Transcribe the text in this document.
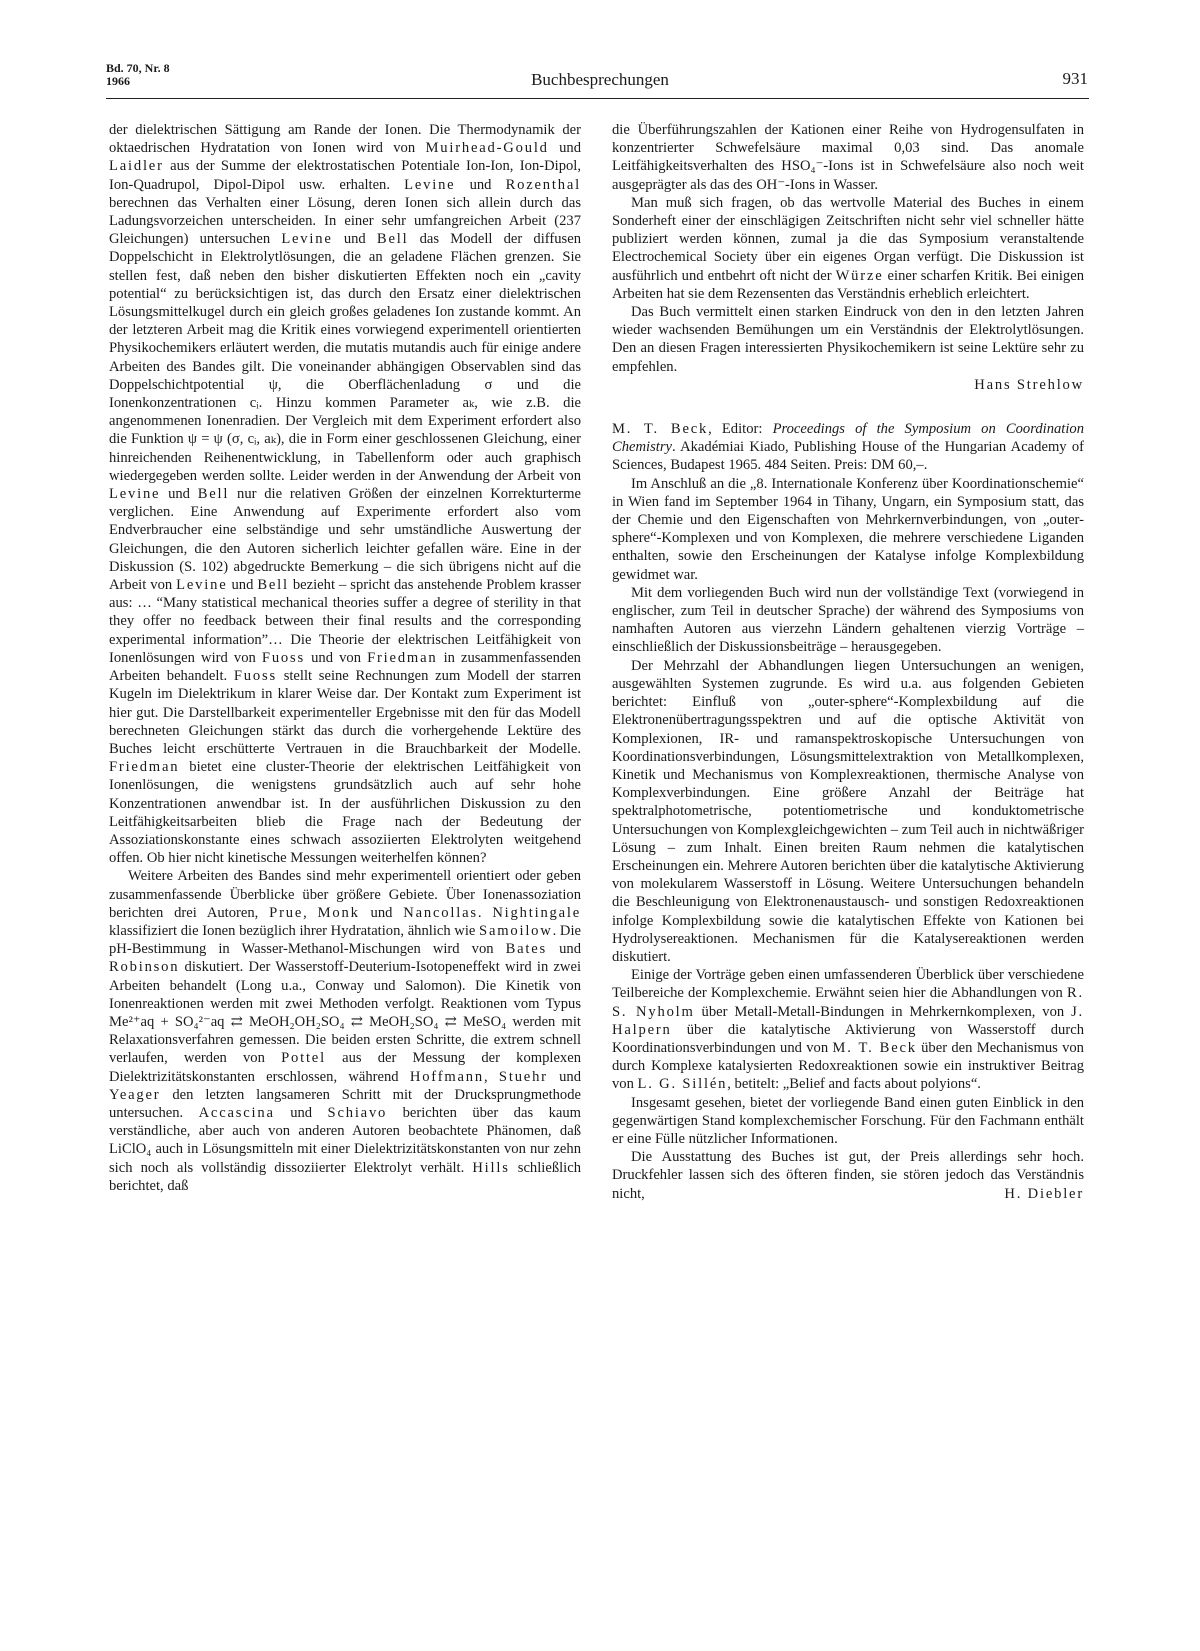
Bd. 70, Nr. 8
1966	Buchbesprechungen	931

der dielektrischen Sättigung am Rande der Ionen. Die Thermodynamik der oktaedrischen Hydratation von Ionen wird von Muirhead-Gould und Laidler aus der Summe der elektrostatischen Potentiale Ion-Ion, Ion-Dipol, Ion-Quadrupol, Dipol-Dipol usw. erhalten. Levine und Rozenthal berechnen das Verhalten einer Lösung, deren Ionen sich allein durch das Ladungsvorzeichen unterscheiden. In einer sehr umfangreichen Arbeit (237 Gleichungen) untersuchen Levine und Bell das Modell der diffusen Doppelschicht in Elektrolytlösungen, die an geladene Flächen grenzen. Sie stellen fest, daß neben den bisher diskutierten Effekten noch ein „cavity potential“ zu berücksichtigen ist, das durch den Ersatz einer dielektrischen Lösungsmittelkugel durch ein gleich großes geladenes Ion zustande kommt. An der letzteren Arbeit mag die Kritik eines vorwiegend experimentell orientierten Physikochemikers erläutert werden, die mutatis mutandis auch für einige andere Arbeiten des Bandes gilt. Die voneinander abhängigen Observablen sind das Doppelschichtpotential ψ, die Oberflächenladung σ und die Ionenkonzentrationen cᵢ. Hinzu kommen Parameter aₖ, wie z.B. die angenommenen Ionenradien. Der Vergleich mit dem Experiment erfordert also die Funktion ψ = ψ (σ, cᵢ, aₖ), die in Form einer geschlossenen Gleichung, einer hinreichenden Reihenentwicklung, in Tabellenform oder auch graphisch wiedergegeben werden sollte. Leider werden in der Anwendung der Arbeit von Levine und Bell nur die relativen Größen der einzelnen Korrekturterme verglichen. Eine Anwendung auf Experimente erfordert also vom Endverbraucher eine selbständige und sehr umständliche Auswertung der Gleichungen, die den Autoren sicherlich leichter gefallen wäre. Eine in der Diskussion (S. 102) abgedruckte Bemerkung – die sich übrigens nicht auf die Arbeit von Levine und Bell bezieht – spricht das anstehende Problem krasser aus: … “Many statistical mechanical theories suffer a degree of sterility in that they offer no feedback between their final results and the corresponding experimental information”… Die Theorie der elektrischen Leitfähigkeit von Ionenlösungen wird von Fuoss und von Friedman in zusammenfassenden Arbeiten behandelt. Fuoss stellt seine Rechnungen zum Modell der starren Kugeln im Dielektrikum in klarer Weise dar. Der Kontakt zum Experiment ist hier gut. Die Darstellbarkeit experimenteller Ergebnisse mit den für das Modell berechneten Gleichungen stärkt das durch die vorhergehende Lektüre des Buches leicht erschütterte Vertrauen in die Brauchbarkeit der Modelle. Friedman bietet eine cluster-Theorie der elektrischen Leitfähigkeit von Ionenlösungen, die wenigstens grundsätzlich auch auf sehr hohe Konzentrationen anwendbar ist. In der ausführlichen Diskussion zu den Leitfähigkeitsarbeiten blieb die Frage nach der Bedeutung der Assoziationskonstante eines schwach assoziierten Elektrolyten weitgehend offen. Ob hier nicht kinetische Messungen weiterhelfen können?

Weitere Arbeiten des Bandes sind mehr experimentell orientiert oder geben zusammenfassende Überblicke über größere Gebiete. Über Ionenassoziation berichten drei Autoren, Prue, Monk und Nancollas. Nightingale klassifiziert die Ionen bezüglich ihrer Hydratation, ähnlich wie Samoilow. Die pH-Bestimmung in Wasser-Methanol-Mischungen wird von Bates und Robinson diskutiert. Der Wasserstoff-Deuterium-Isotopeneffekt wird in zwei Arbeiten behandelt (Long u.a., Conway und Salomon). Die Kinetik von Ionenreaktionen werden mit zwei Methoden verfolgt. Reaktionen vom Typus Me²⁺aq + SO₄²⁻aq ⇄ MeOH₂OH₂SO₄ ⇄ MeOH₂SO₄ ⇄ MeSO₄ werden mit Relaxationsverfahren gemessen. Die beiden ersten Schritte, die extrem schnell verlaufen, werden von Pottel aus der Messung der komplexen Dielektrizitätskonstanten erschlossen, während Hoffmann, Stuehr und Yeager den letzten langsameren Schritt mit der Drucksprungmethode untersuchen. Accascina und Schiavo berichten über das kaum verständliche, aber auch von anderen Autoren beobachtete Phänomen, daß LiClO₄ auch in Lösungsmitteln mit einer Dielektrizitätskonstanten von nur zehn sich noch als vollständig dissoziierter Elektrolyt verhält. Hills schließlich berichtet, daß

die Überführungszahlen der Kationen einer Reihe von Hydrogensulfaten in konzentrierter Schwefelsäure maximal 0,03 sind. Das anomale Leitfähigkeitsverhalten des HSO₄⁻-Ions ist in Schwefelsäure also noch weit ausgeprägter als das des OH⁻-Ions in Wasser.

Man muß sich fragen, ob das wertvolle Material des Buches in einem Sonderheft einer der einschlägigen Zeitschriften nicht sehr viel schneller hätte publiziert werden können, zumal ja die das Symposium veranstaltende Electrochemical Society über ein eigenes Organ verfügt. Die Diskussion ist ausführlich und entbehrt oft nicht der Würze einer scharfen Kritik. Bei einigen Arbeiten hat sie dem Rezensenten das Verständnis erheblich erleichtert.

Das Buch vermittelt einen starken Eindruck von den in den letzten Jahren wieder wachsenden Bemühungen um ein Verständnis der Elektrolytlösungen. Den an diesen Fragen interessierten Physikochemikern ist seine Lektüre sehr zu empfehlen.

Hans Strehlow

M. T. Beck, Editor: Proceedings of the Symposium on Coordination Chemistry. Akadémiai Kiado, Publishing House of the Hungarian Academy of Sciences, Budapest 1965. 484 Seiten. Preis: DM 60,–.

Im Anschluß an die „8. Internationale Konferenz über Koordinationschemie“ in Wien fand im September 1964 in Tihany, Ungarn, ein Symposium statt, das der Chemie und den Eigenschaften von Mehrkernverbindungen, von „outer-sphere“-Komplexen und von Komplexen, die mehrere verschiedene Liganden enthalten, sowie den Erscheinungen der Katalyse infolge Komplexbildung gewidmet war.

Mit dem vorliegenden Buch wird nun der vollständige Text (vorwiegend in englischer, zum Teil in deutscher Sprache) der während des Symposiums von namhaften Autoren aus vierzehn Ländern gehaltenen vierzig Vorträge – einschließlich der Diskussionsbeiträge – herausgegeben.

Der Mehrzahl der Abhandlungen liegen Untersuchungen an wenigen, ausgewählten Systemen zugrunde. Es wird u.a. aus folgenden Gebieten berichtet: Einfluß von „outer-sphere“-Komplexbildung auf die Elektronenübertragungsspektren und auf die optische Aktivität von Komplexionen, IR- und ramanspektroskopische Untersuchungen von Koordinationsverbindungen, Lösungsmittelextraktion von Metallkomplexen, Kinetik und Mechanismus von Komplexreaktionen, thermische Analyse von Komplexverbindungen. Eine größere Anzahl der Beiträge hat spektralphotometrische, potentiometrische und konduktometrische Untersuchungen von Komplexgleichgewichten – zum Teil auch in nichtwäßriger Lösung – zum Inhalt. Einen breiten Raum nehmen die katalytischen Erscheinungen ein. Mehrere Autoren berichten über die katalytische Aktivierung von molekularem Wasserstoff in Lösung. Weitere Untersuchungen behandeln die Beschleunigung von Elektronenaustausch- und sonstigen Redoxreaktionen infolge Komplexbildung sowie die katalytischen Effekte von Kationen bei Hydrolysereaktionen. Mechanismen für die Katalysereaktionen werden diskutiert.

Einige der Vorträge geben einen umfassenderen Überblick über verschiedene Teilbereiche der Komplexchemie. Erwähnt seien hier die Abhandlungen von R. S. Nyholm über Metall-Metall-Bindungen in Mehrkernkomplexen, von J. Halpern über die katalytische Aktivierung von Wasserstoff durch Koordinationsverbindungen und von M. T. Beck über den Mechanismus von durch Komplexe katalysierten Redoxreaktionen sowie ein instruktiver Beitrag von L. G. Sillén, betitelt: „Belief and facts about polyions“.

Insgesamt gesehen, bietet der vorliegende Band einen guten Einblick in den gegenwärtigen Stand komplexchemischer Forschung. Für den Fachmann enthält er eine Fülle nützlicher Informationen.

Die Ausstattung des Buches ist gut, der Preis allerdings sehr hoch. Druckfehler lassen sich des öfteren finden, sie stören jedoch das Verständnis nicht,	H. Diebler
